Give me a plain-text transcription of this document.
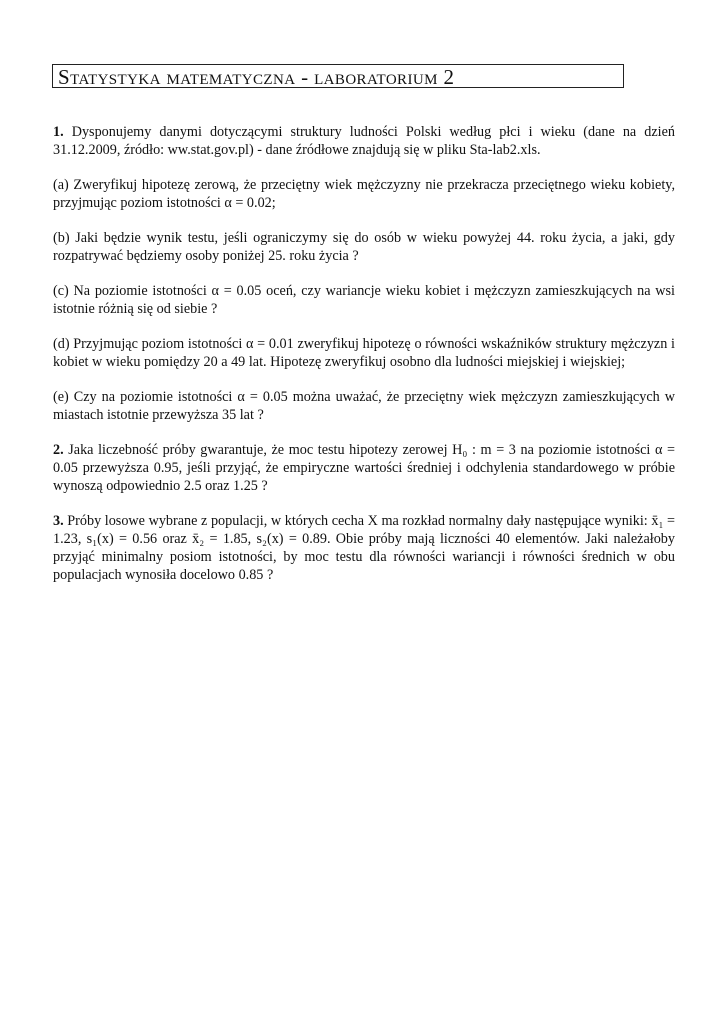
Statystyka matematyczna - laboratorium 2

1. Dysponujemy danymi dotyczącymi struktury ludności Polski według płci i wieku (dane na dzień 31.12.2009, źródło: ww.stat.gov.pl) - dane źródłowe znajdują się w pliku Sta-lab2.xls.

(a) Zweryfikuj hipotezę zerową, że przeciętny wiek mężczyzny nie przekracza przeciętnego wieku kobiety, przyjmując poziom istotności α = 0.02;

(b) Jaki będzie wynik testu, jeśli ograniczymy się do osób w wieku powyżej 44. roku życia, a jaki, gdy rozpatrywać będziemy osoby poniżej 25. roku życia ?

(c) Na poziomie istotności α = 0.05 oceń, czy wariancje wieku kobiet i mężczyzn zamieszkujących na wsi istotnie różnią się od siebie ?

(d) Przyjmując poziom istotności α = 0.01 zweryfikuj hipotezę o równości wskaźników struktury mężczyzn i kobiet w wieku pomiędzy 20 a 49 lat. Hipotezę zweryfikuj osobno dla ludności miejskiej i wiejskiej;

(e) Czy na poziomie istotności α = 0.05 można uważać, że przeciętny wiek mężczyzn zamieszkujących w miastach istotnie przewyższa 35 lat ?

2. Jaka liczebność próby gwarantuje, że moc testu hipotezy zerowej H₀ : m = 3 na poziomie istotności α = 0.05 przewyższa 0.95, jeśli przyjąć, że empiryczne wartości średniej i odchylenia standardowego w próbie wynoszą odpowiednio 2.5 oraz 1.25 ?

3. Próby losowe wybrane z populacji, w których cecha X ma rozkład normalny dały następujące wyniki: x̄₁ = 1.23, s₁(x) = 0.56 oraz x̄₂ = 1.85, s₂(x) = 0.89. Obie próby mają liczności 40 elementów. Jaki należałoby przyjąć minimalny posiom istotności, by moc testu dla równości wariancji i równości średnich w obu populacjach wynosiła docelowo 0.85 ?
